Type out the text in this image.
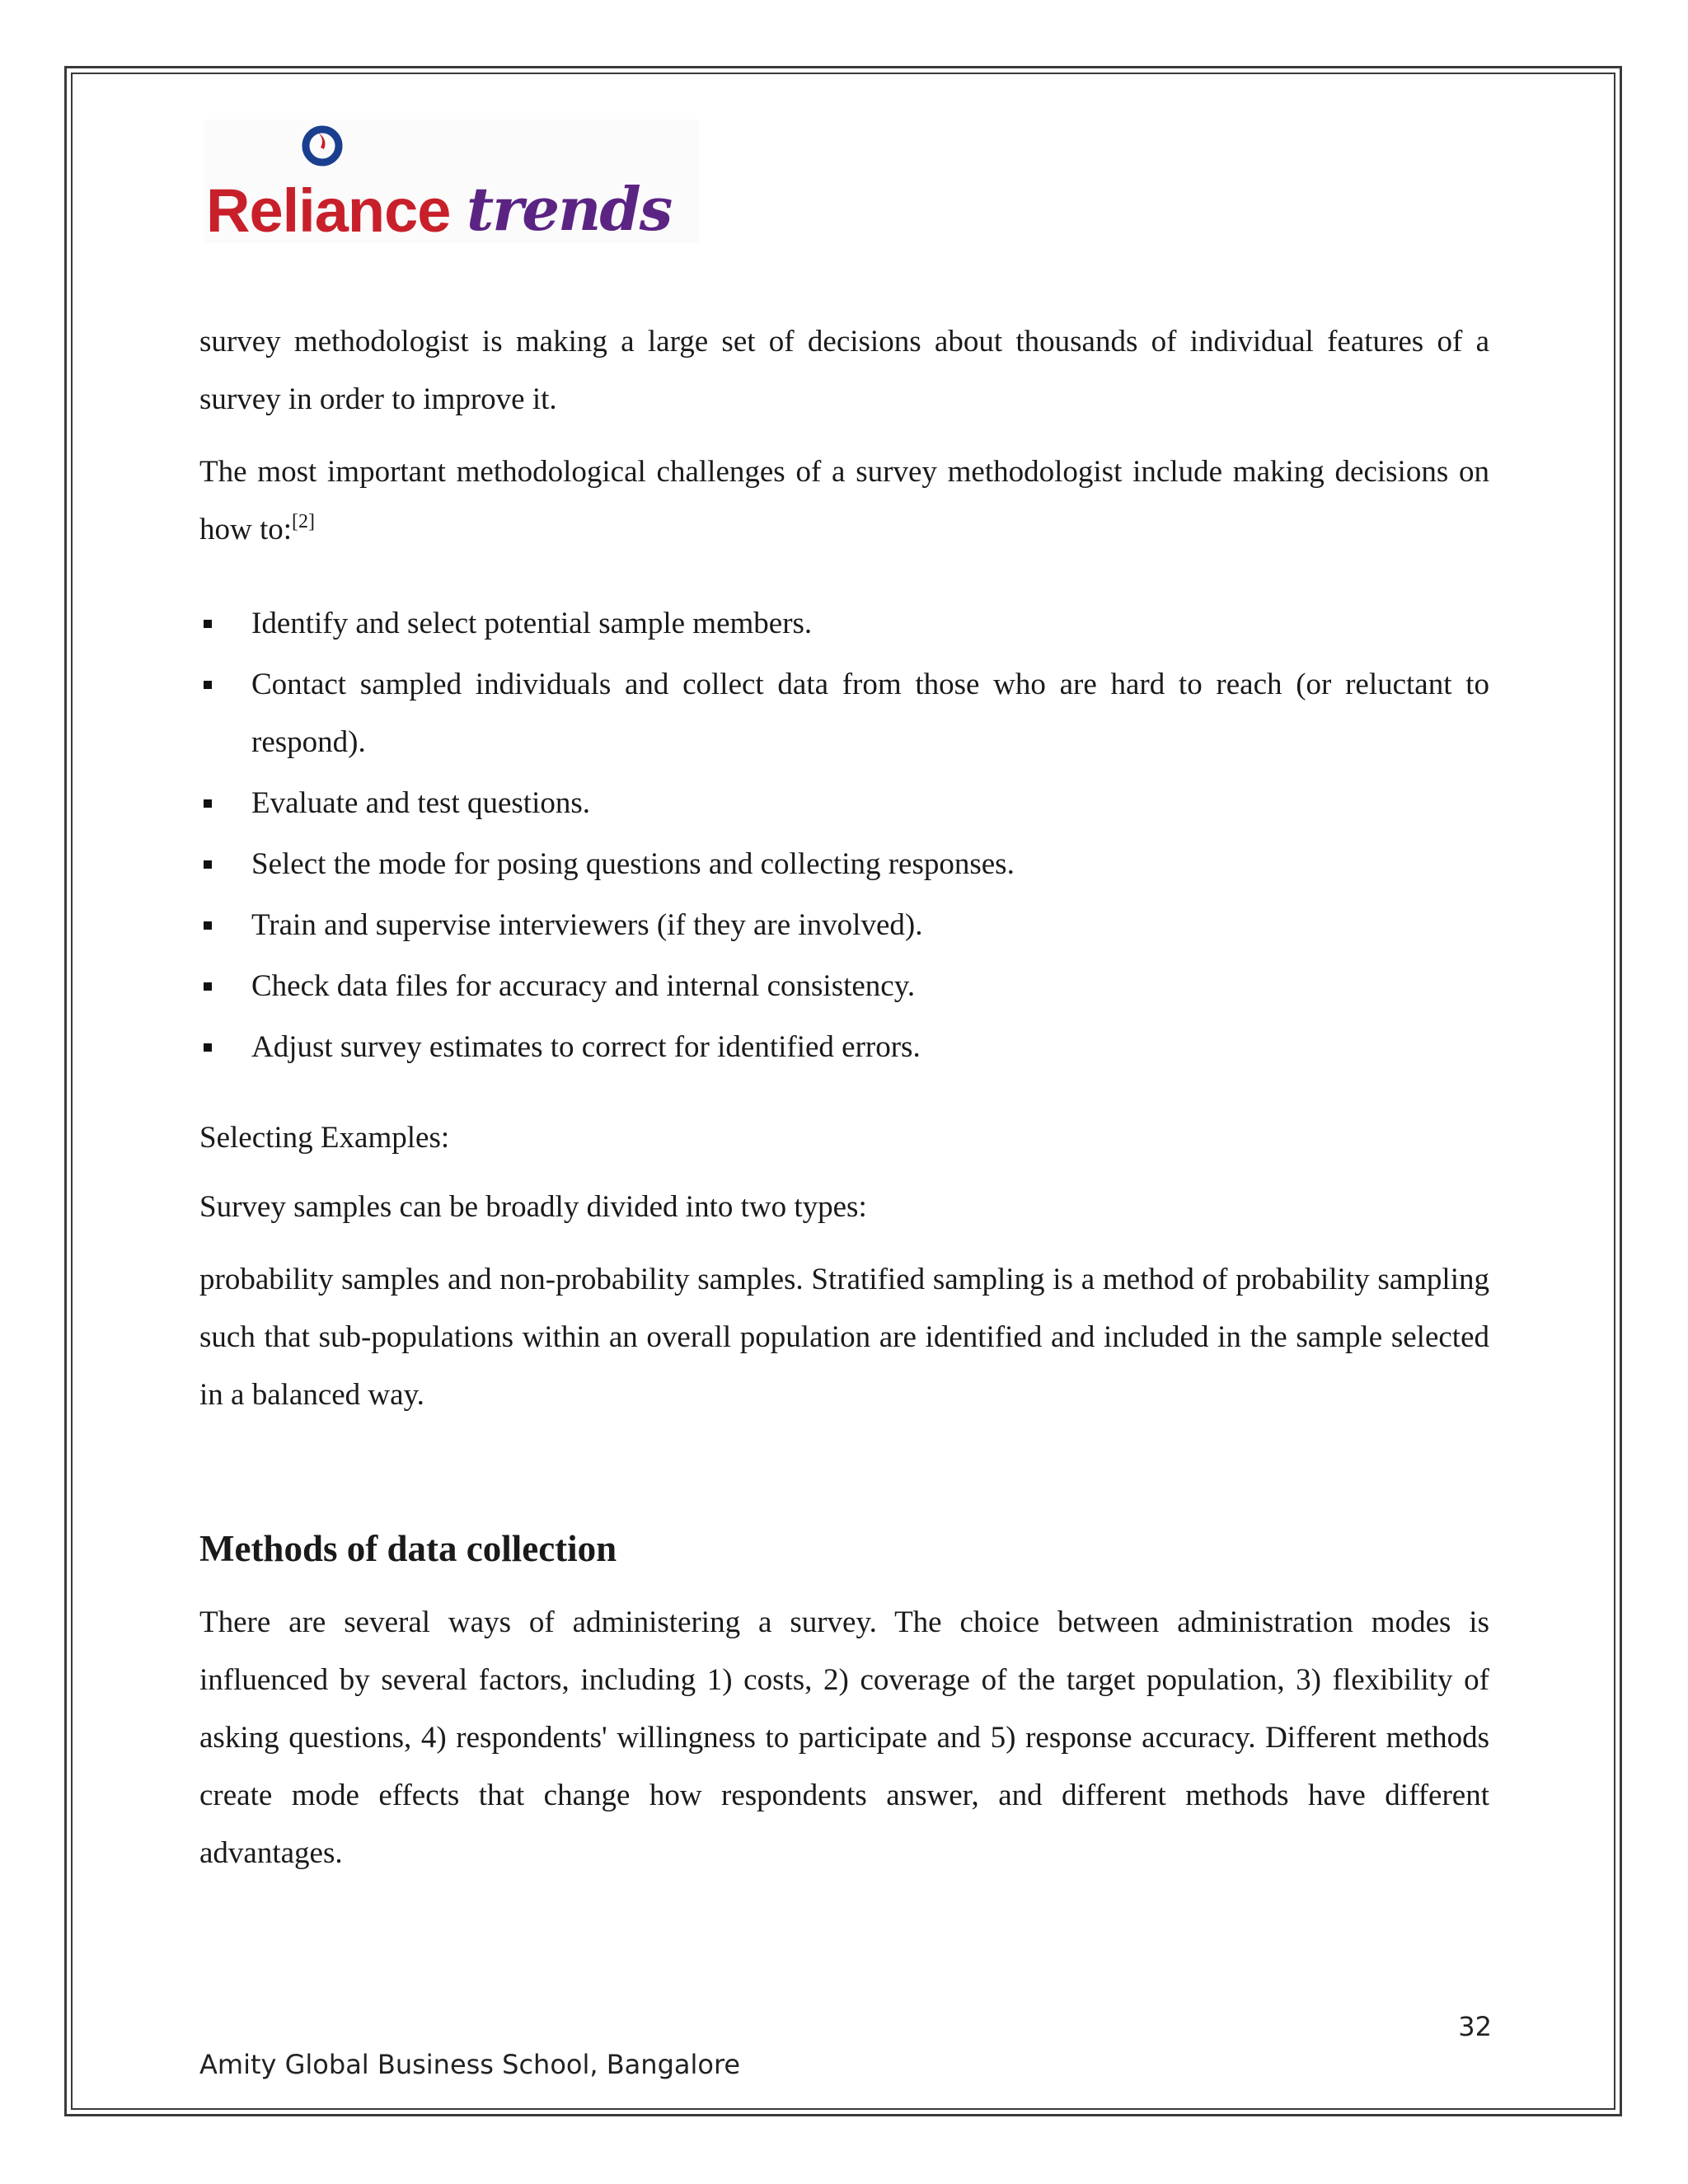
Reliance trends

survey methodologist is making a large set of decisions about thousands of individual features of a survey in order to improve it.

The most important methodological challenges of a survey methodologist include making decisions on how to:[2]

Identify and select potential sample members.
Contact sampled individuals and collect data from those who are hard to reach (or reluctant to respond).
Evaluate and test questions.
Select the mode for posing questions and collecting responses.
Train and supervise interviewers (if they are involved).
Check data files for accuracy and internal consistency.
Adjust survey estimates to correct for identified errors.

Selecting Examples:

Survey samples can be broadly divided into two types:

probability samples and non-probability samples. Stratified sampling is a method of probability sampling such that sub-populations within an overall population are identified and included in the sample selected in a balanced way.

Methods of data collection

There are several ways of administering a survey. The choice between administration modes is influenced by several factors, including 1) costs, 2) coverage of the target population, 3) flexibility of asking questions, 4) respondents' willingness to participate and 5) response accuracy. Different methods create mode effects that change how respondents answer, and different methods have different advantages.

32
Amity Global Business School, Bangalore
